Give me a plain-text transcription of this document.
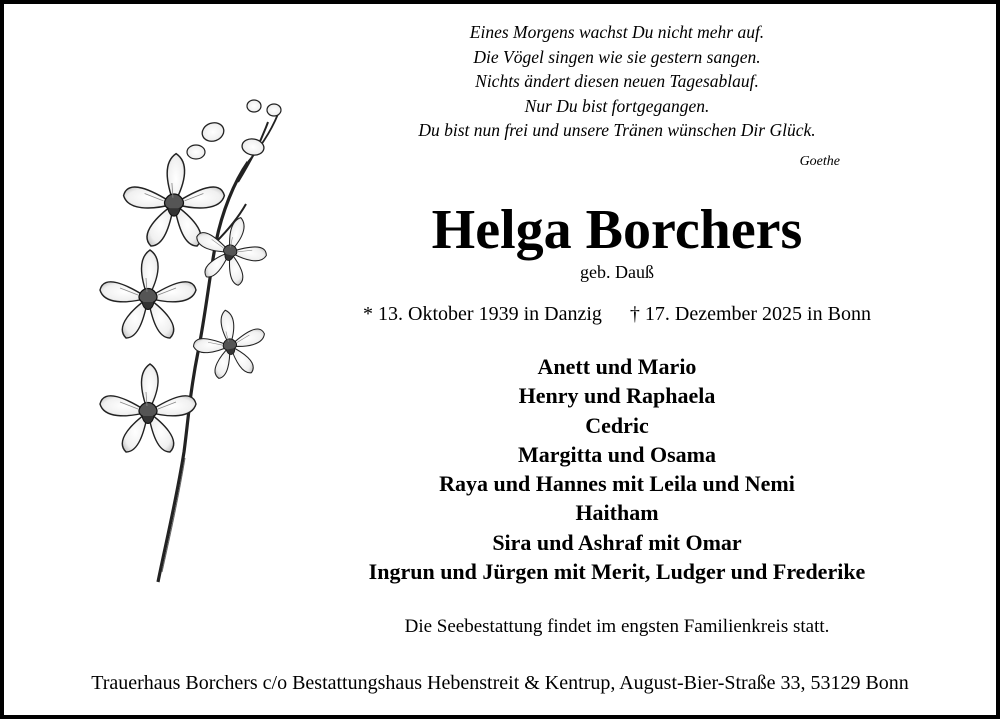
Eines Morgens wachst Du nicht mehr auf.
Die Vögel singen wie sie gestern sangen.
Nichts ändert diesen neuen Tagesablauf.
Nur Du bist fortgegangen.
Du bist nun frei und unsere Tränen wünschen Dir Glück.
Goethe
Helga Borchers
geb. Dauß
* 13. Oktober 1939 in Danzig † 17. Dezember 2025 in Bonn
Anett und Mario
Henry und Raphaela
Cedric
Margitta und Osama
Raya und Hannes mit Leila und Nemi
Haitham
Sira und Ashraf mit Omar
Ingrun und Jürgen mit Merit, Ludger und Frederike
Die Seebestattung findet im engsten Familienkreis statt.
Trauerhaus Borchers c/o Bestattungshaus Hebenstreit & Kentrup, August-Bier-Straße 33, 53129 Bonn
